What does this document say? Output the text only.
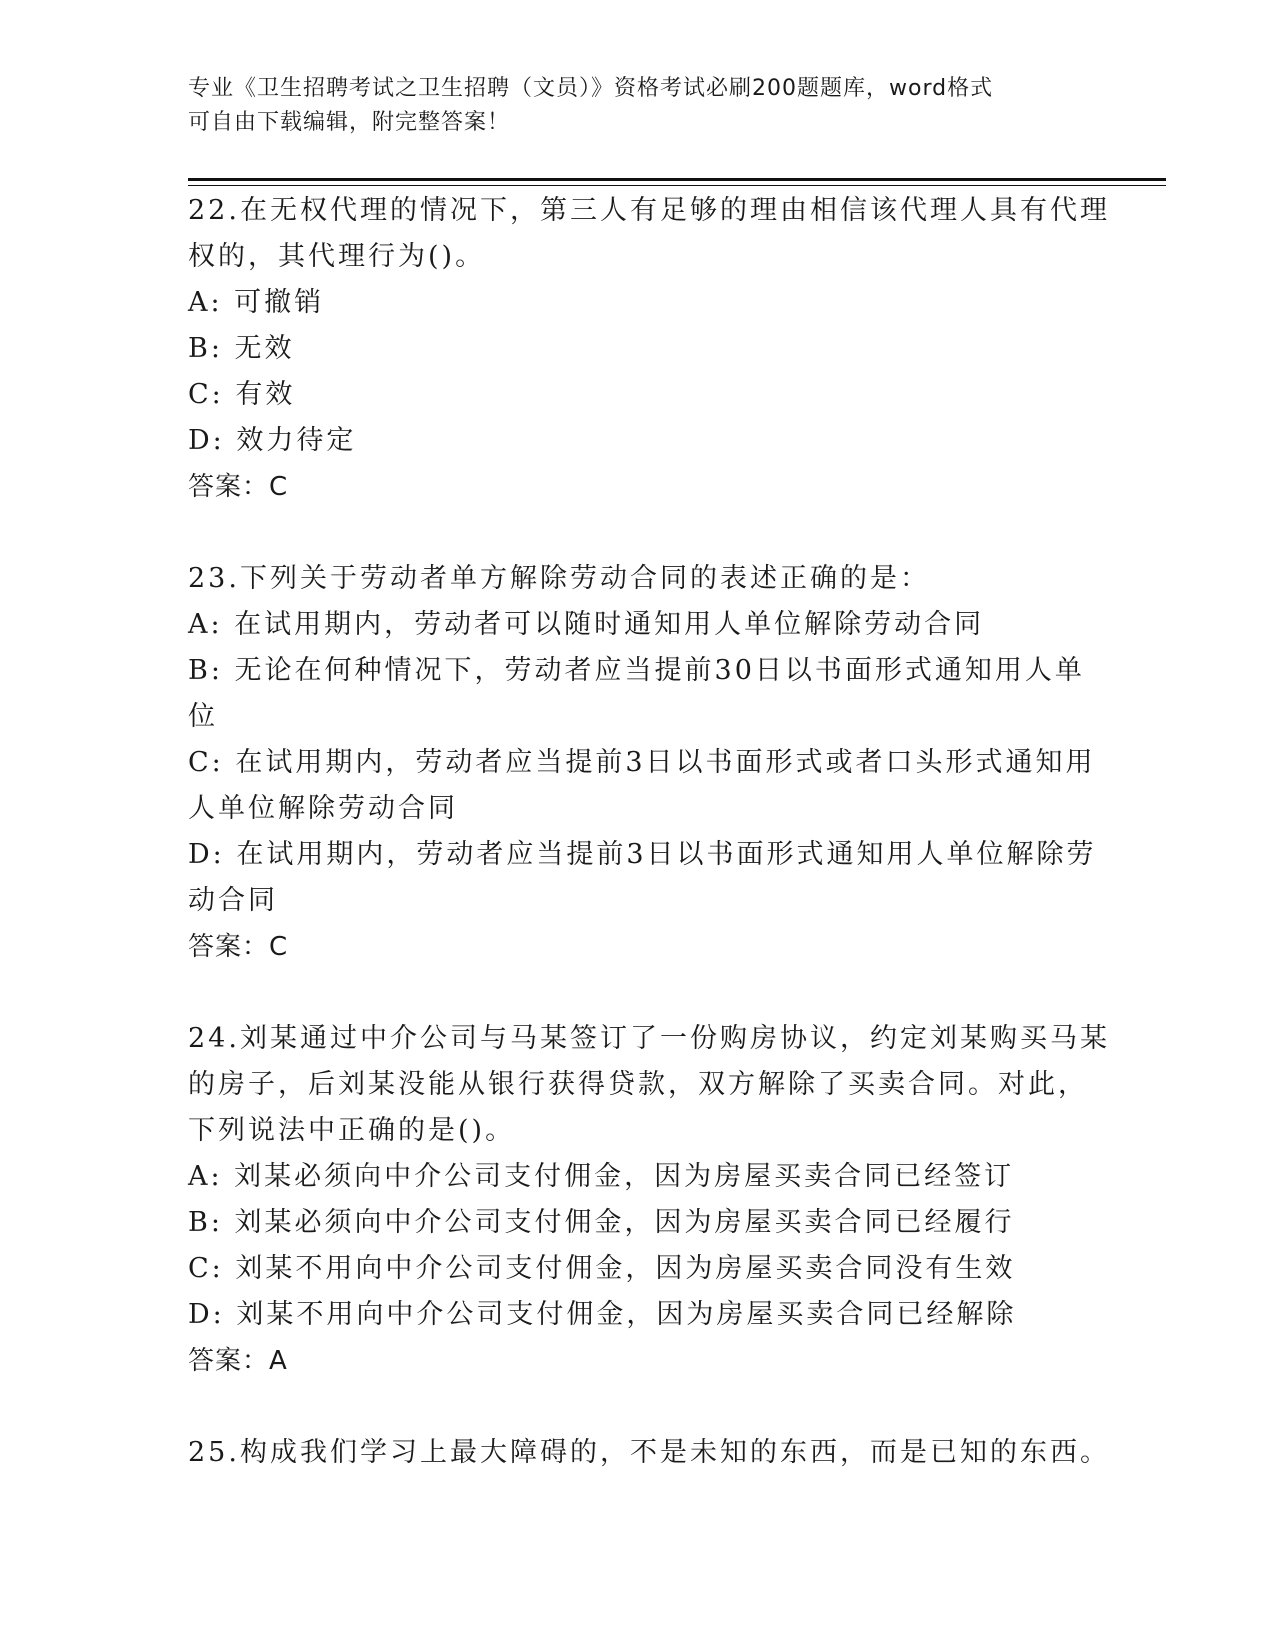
专业《卫生招聘考试之卫生招聘（文员）》资格考试必刷200题题库，word格式
可自由下载编辑，附完整答案！
22.在无权代理的情况下，第三人有足够的理由相信该代理人具有代理
权的，其代理行为()。
A: 可撤销
B: 无效
C: 有效
D: 效力待定
答案：C
23.下列关于劳动者单方解除劳动合同的表述正确的是：
A: 在试用期内，劳动者可以随时通知用人单位解除劳动合同
B: 无论在何种情况下，劳动者应当提前30日以书面形式通知用人单
位
C: 在试用期内，劳动者应当提前3日以书面形式或者口头形式通知用
人单位解除劳动合同
D: 在试用期内，劳动者应当提前3日以书面形式通知用人单位解除劳
动合同
答案：C
24.刘某通过中介公司与马某签订了一份购房协议，约定刘某购买马某
的房子，后刘某没能从银行获得贷款，双方解除了买卖合同。对此，
下列说法中正确的是()。
A: 刘某必须向中介公司支付佣金，因为房屋买卖合同已经签订
B: 刘某必须向中介公司支付佣金，因为房屋买卖合同已经履行
C: 刘某不用向中介公司支付佣金，因为房屋买卖合同没有生效
D: 刘某不用向中介公司支付佣金，因为房屋买卖合同已经解除
答案：A
25.构成我们学习上最大障碍的，不是未知的东西，而是已知的东西。
